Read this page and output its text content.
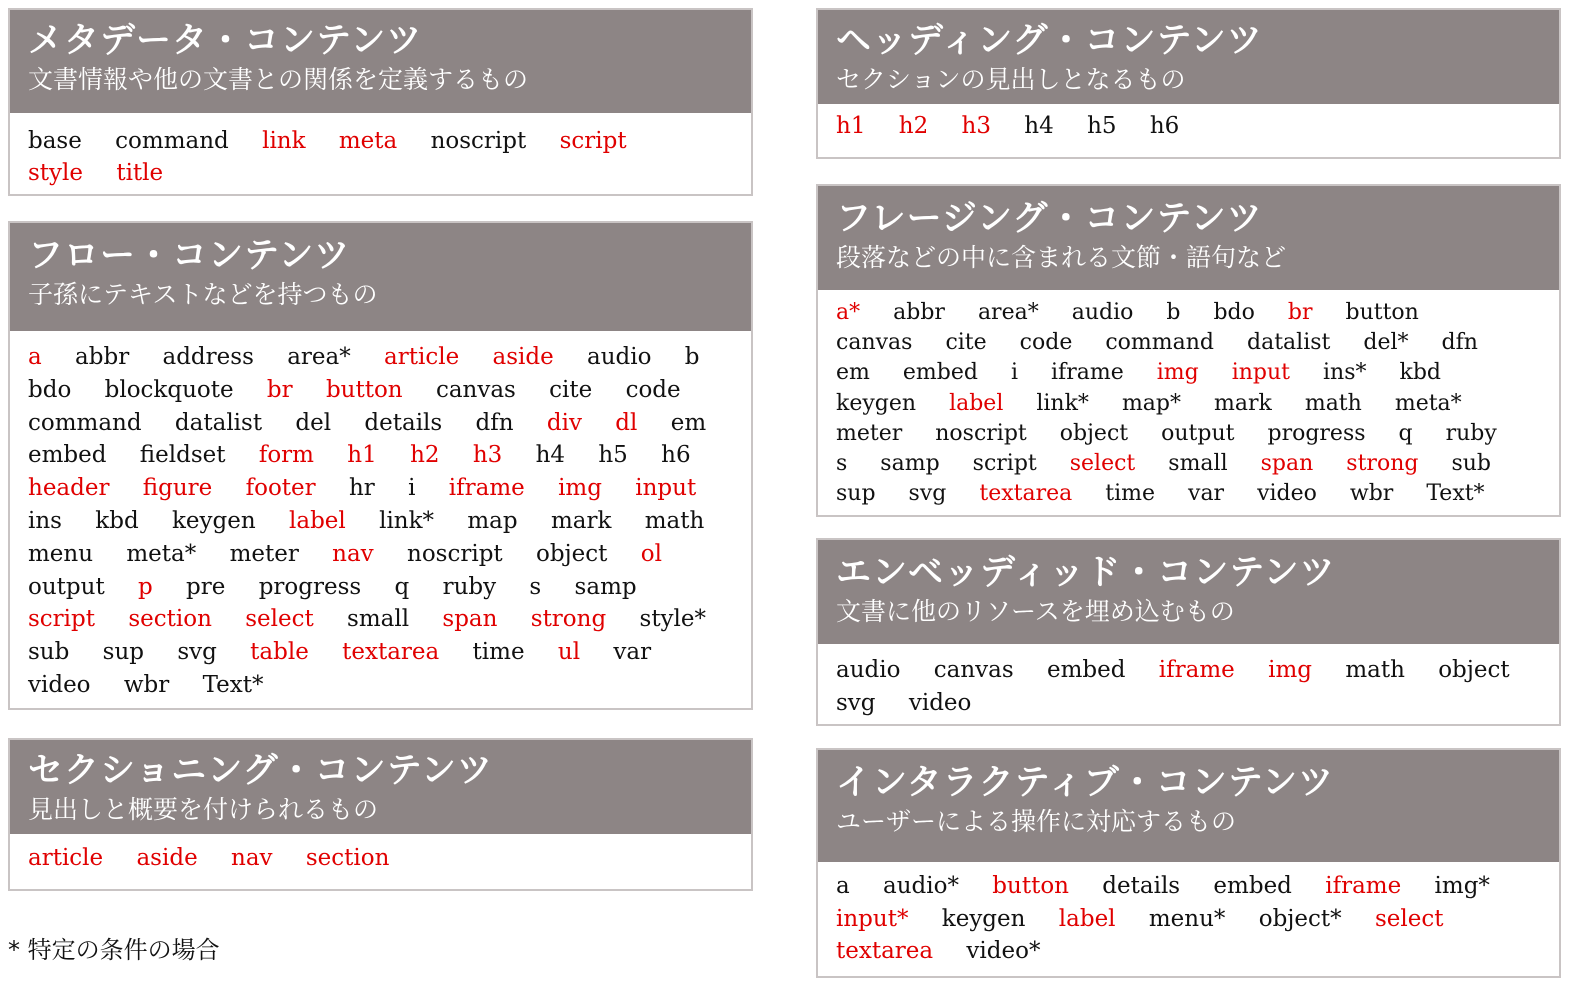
メタデータ・コンテンツ
文書情報や他の文書との関係を定義するもの
base command link meta noscript script style title
フロー・コンテンツ
子孫にテキストなどを持つもの
a abbr address area* article aside audio b bdo blockquote br button canvas cite code command datalist del details dfn div dl em embed fieldset form h1 h2 h3 h4 h5 h6 header figure footer hr i iframe img input ins kbd keygen label link* map mark math menu meta* meter nav noscript object ol output p pre progress q ruby s samp script section select small span strong style* sub sup svg table textarea time ul var video wbr Text*
セクショニング・コンテンツ
見出しと概要を付けられるもの
article aside nav section
* 特定の条件の場合
ヘッディング・コンテンツ
セクションの見出しとなるもの
h1 h2 h3 h4 h5 h6
フレージング・コンテンツ
段落などの中に含まれる文節・語句など
a* abbr area* audio b bdo br button canvas cite code command datalist del* dfn em embed i iframe img input ins* kbd keygen label link* map* mark math meta* meter noscript object output progress q ruby s samp script select small span strong sub sup svg textarea time var video wbr Text*
エンベッディッド・コンテンツ
文書に他のリソースを埋め込むもの
audio canvas embed iframe img math object svg video
インタラクティブ・コンテンツ
ユーザーによる操作に対応するもの
a audio* button details embed iframe img* input* keygen label menu* object* select textarea video*
